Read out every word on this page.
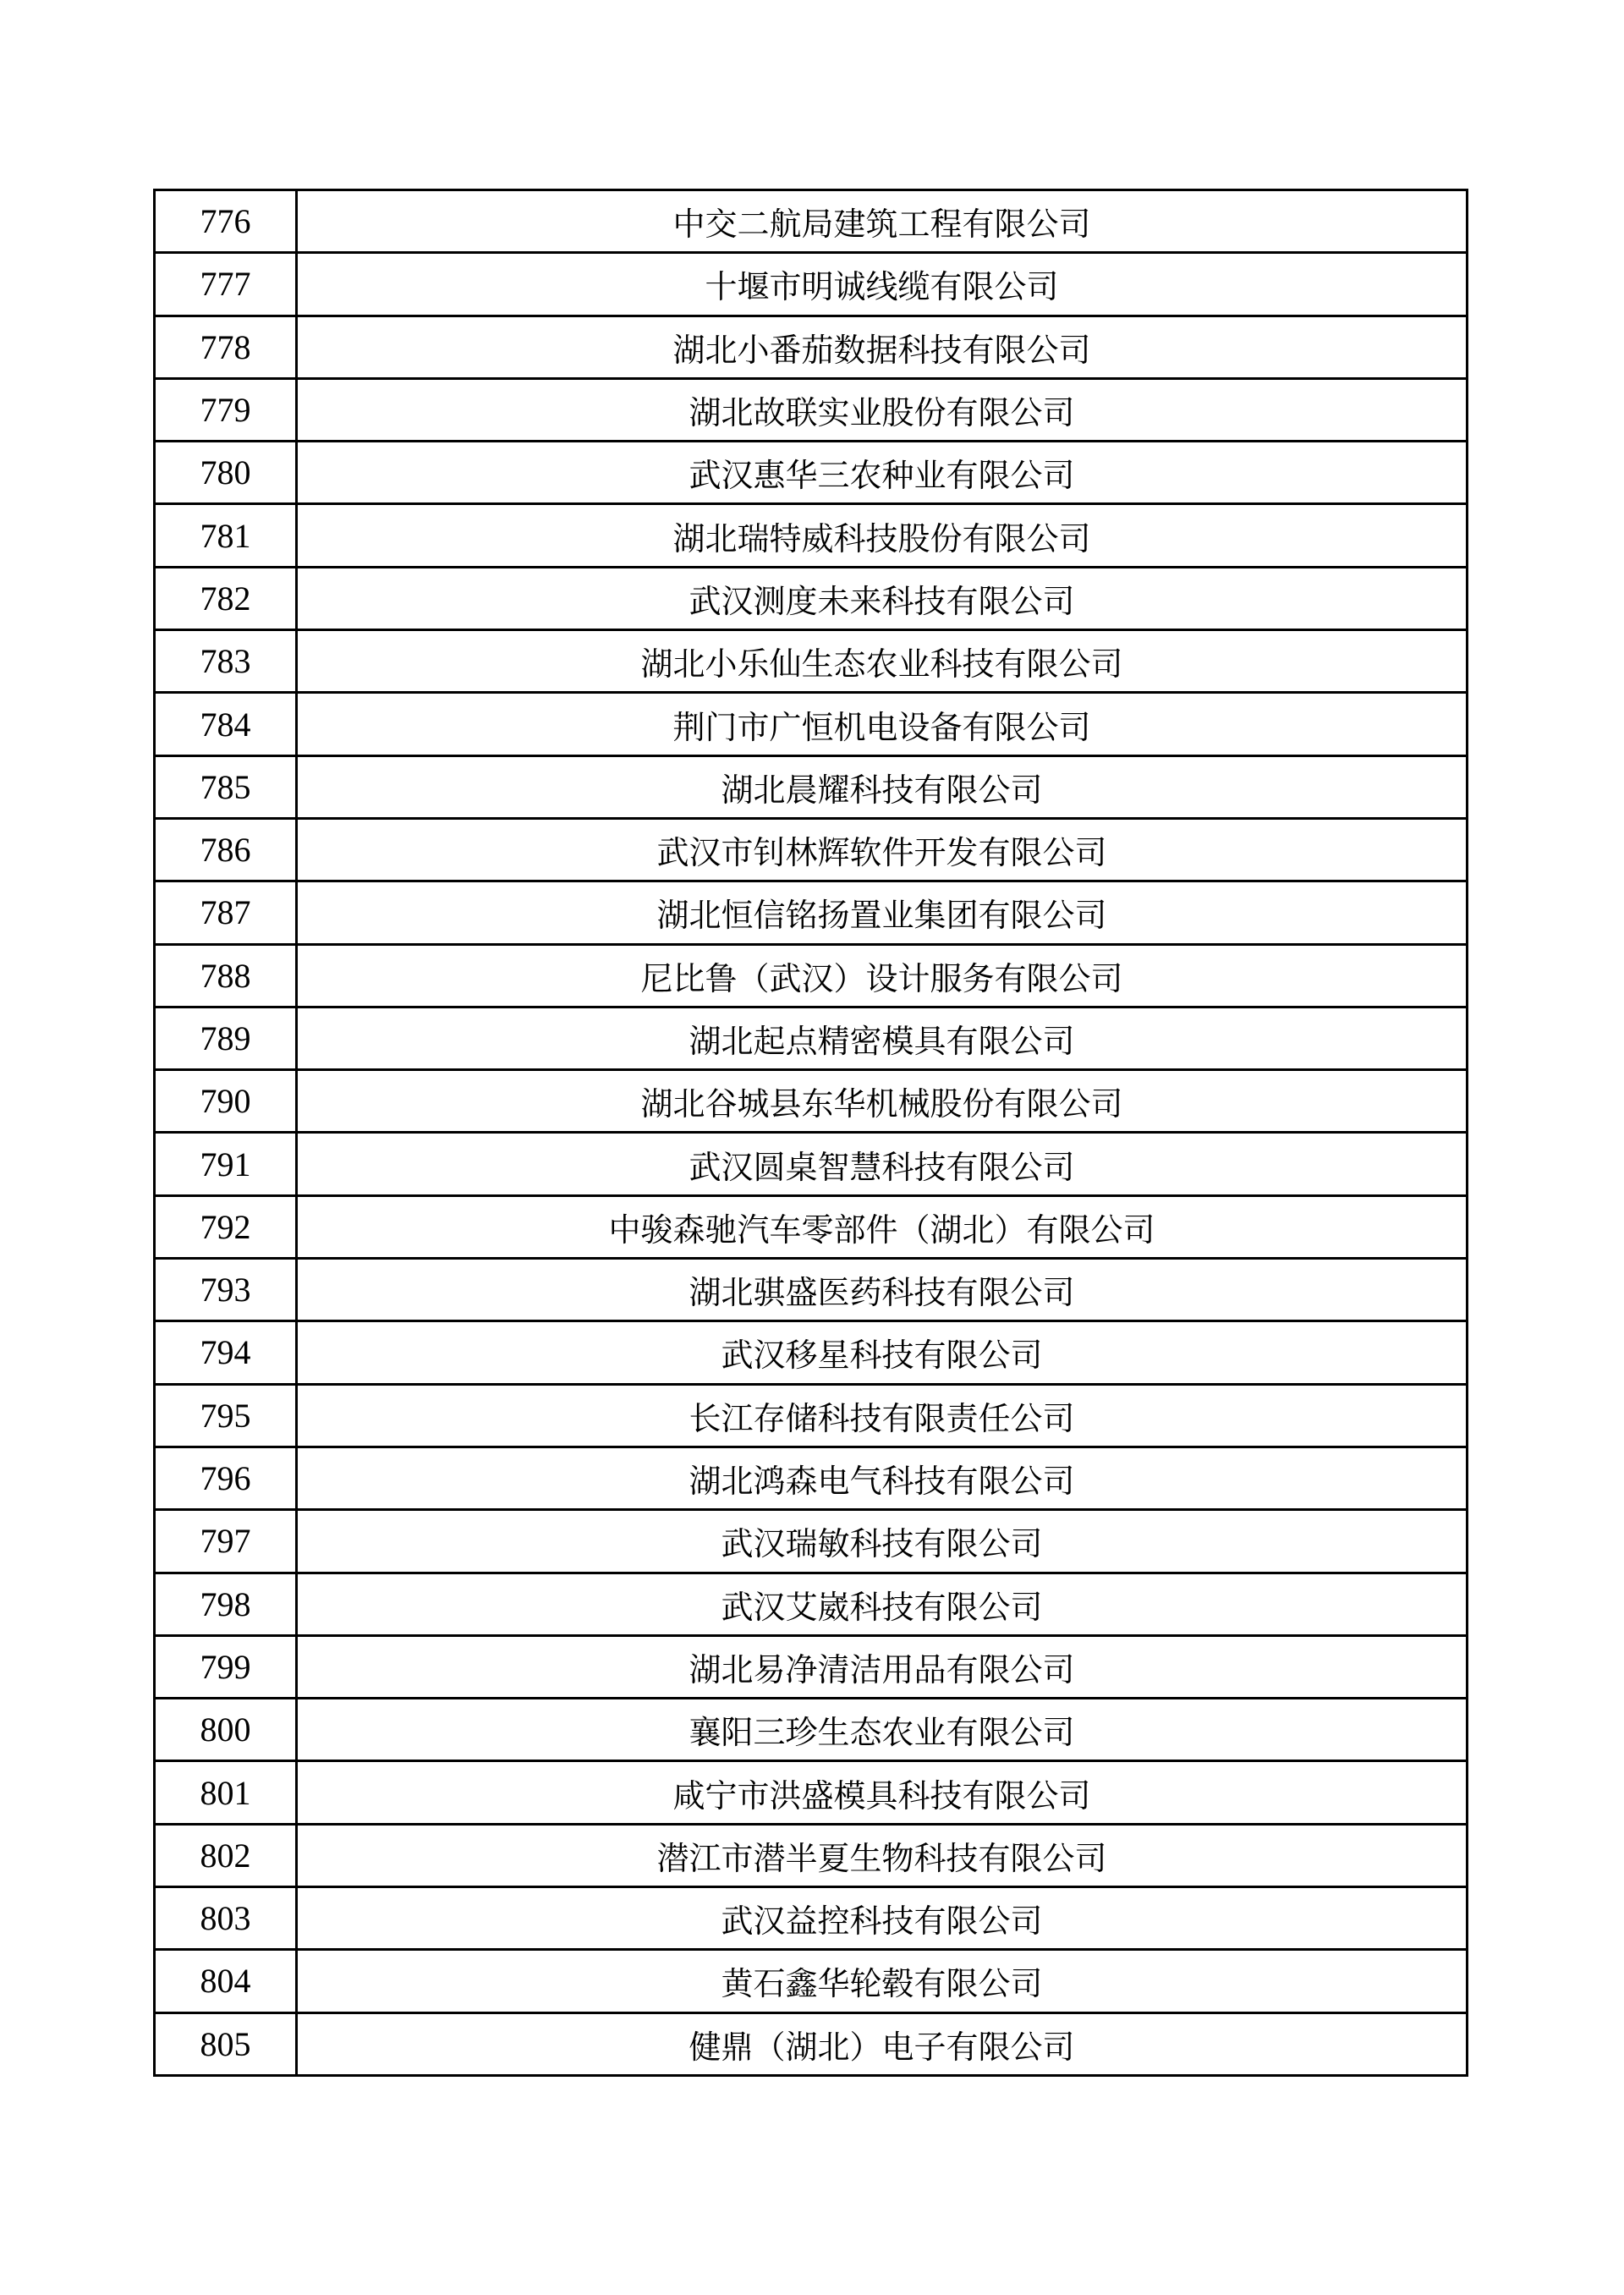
776	中交二航局建筑工程有限公司
777	十堰市明诚线缆有限公司
778	湖北小番茄数据科技有限公司
779	湖北故联实业股份有限公司
780	武汉惠华三农种业有限公司
781	湖北瑞特威科技股份有限公司
782	武汉测度未来科技有限公司
783	湖北小乐仙生态农业科技有限公司
784	荆门市广恒机电设备有限公司
785	湖北晨耀科技有限公司
786	武汉市钊林辉软件开发有限公司
787	湖北恒信铭扬置业集团有限公司
788	尼比鲁（武汉）设计服务有限公司
789	湖北起点精密模具有限公司
790	湖北谷城县东华机械股份有限公司
791	武汉圆桌智慧科技有限公司
792	中骏森驰汽车零部件（湖北）有限公司
793	湖北骐盛医药科技有限公司
794	武汉移星科技有限公司
795	长江存储科技有限责任公司
796	湖北鸿森电气科技有限公司
797	武汉瑞敏科技有限公司
798	武汉艾崴科技有限公司
799	湖北易净清洁用品有限公司
800	襄阳三珍生态农业有限公司
801	咸宁市洪盛模具科技有限公司
802	潜江市潜半夏生物科技有限公司
803	武汉益控科技有限公司
804	黄石鑫华轮毂有限公司
805	健鼎（湖北）电子有限公司
